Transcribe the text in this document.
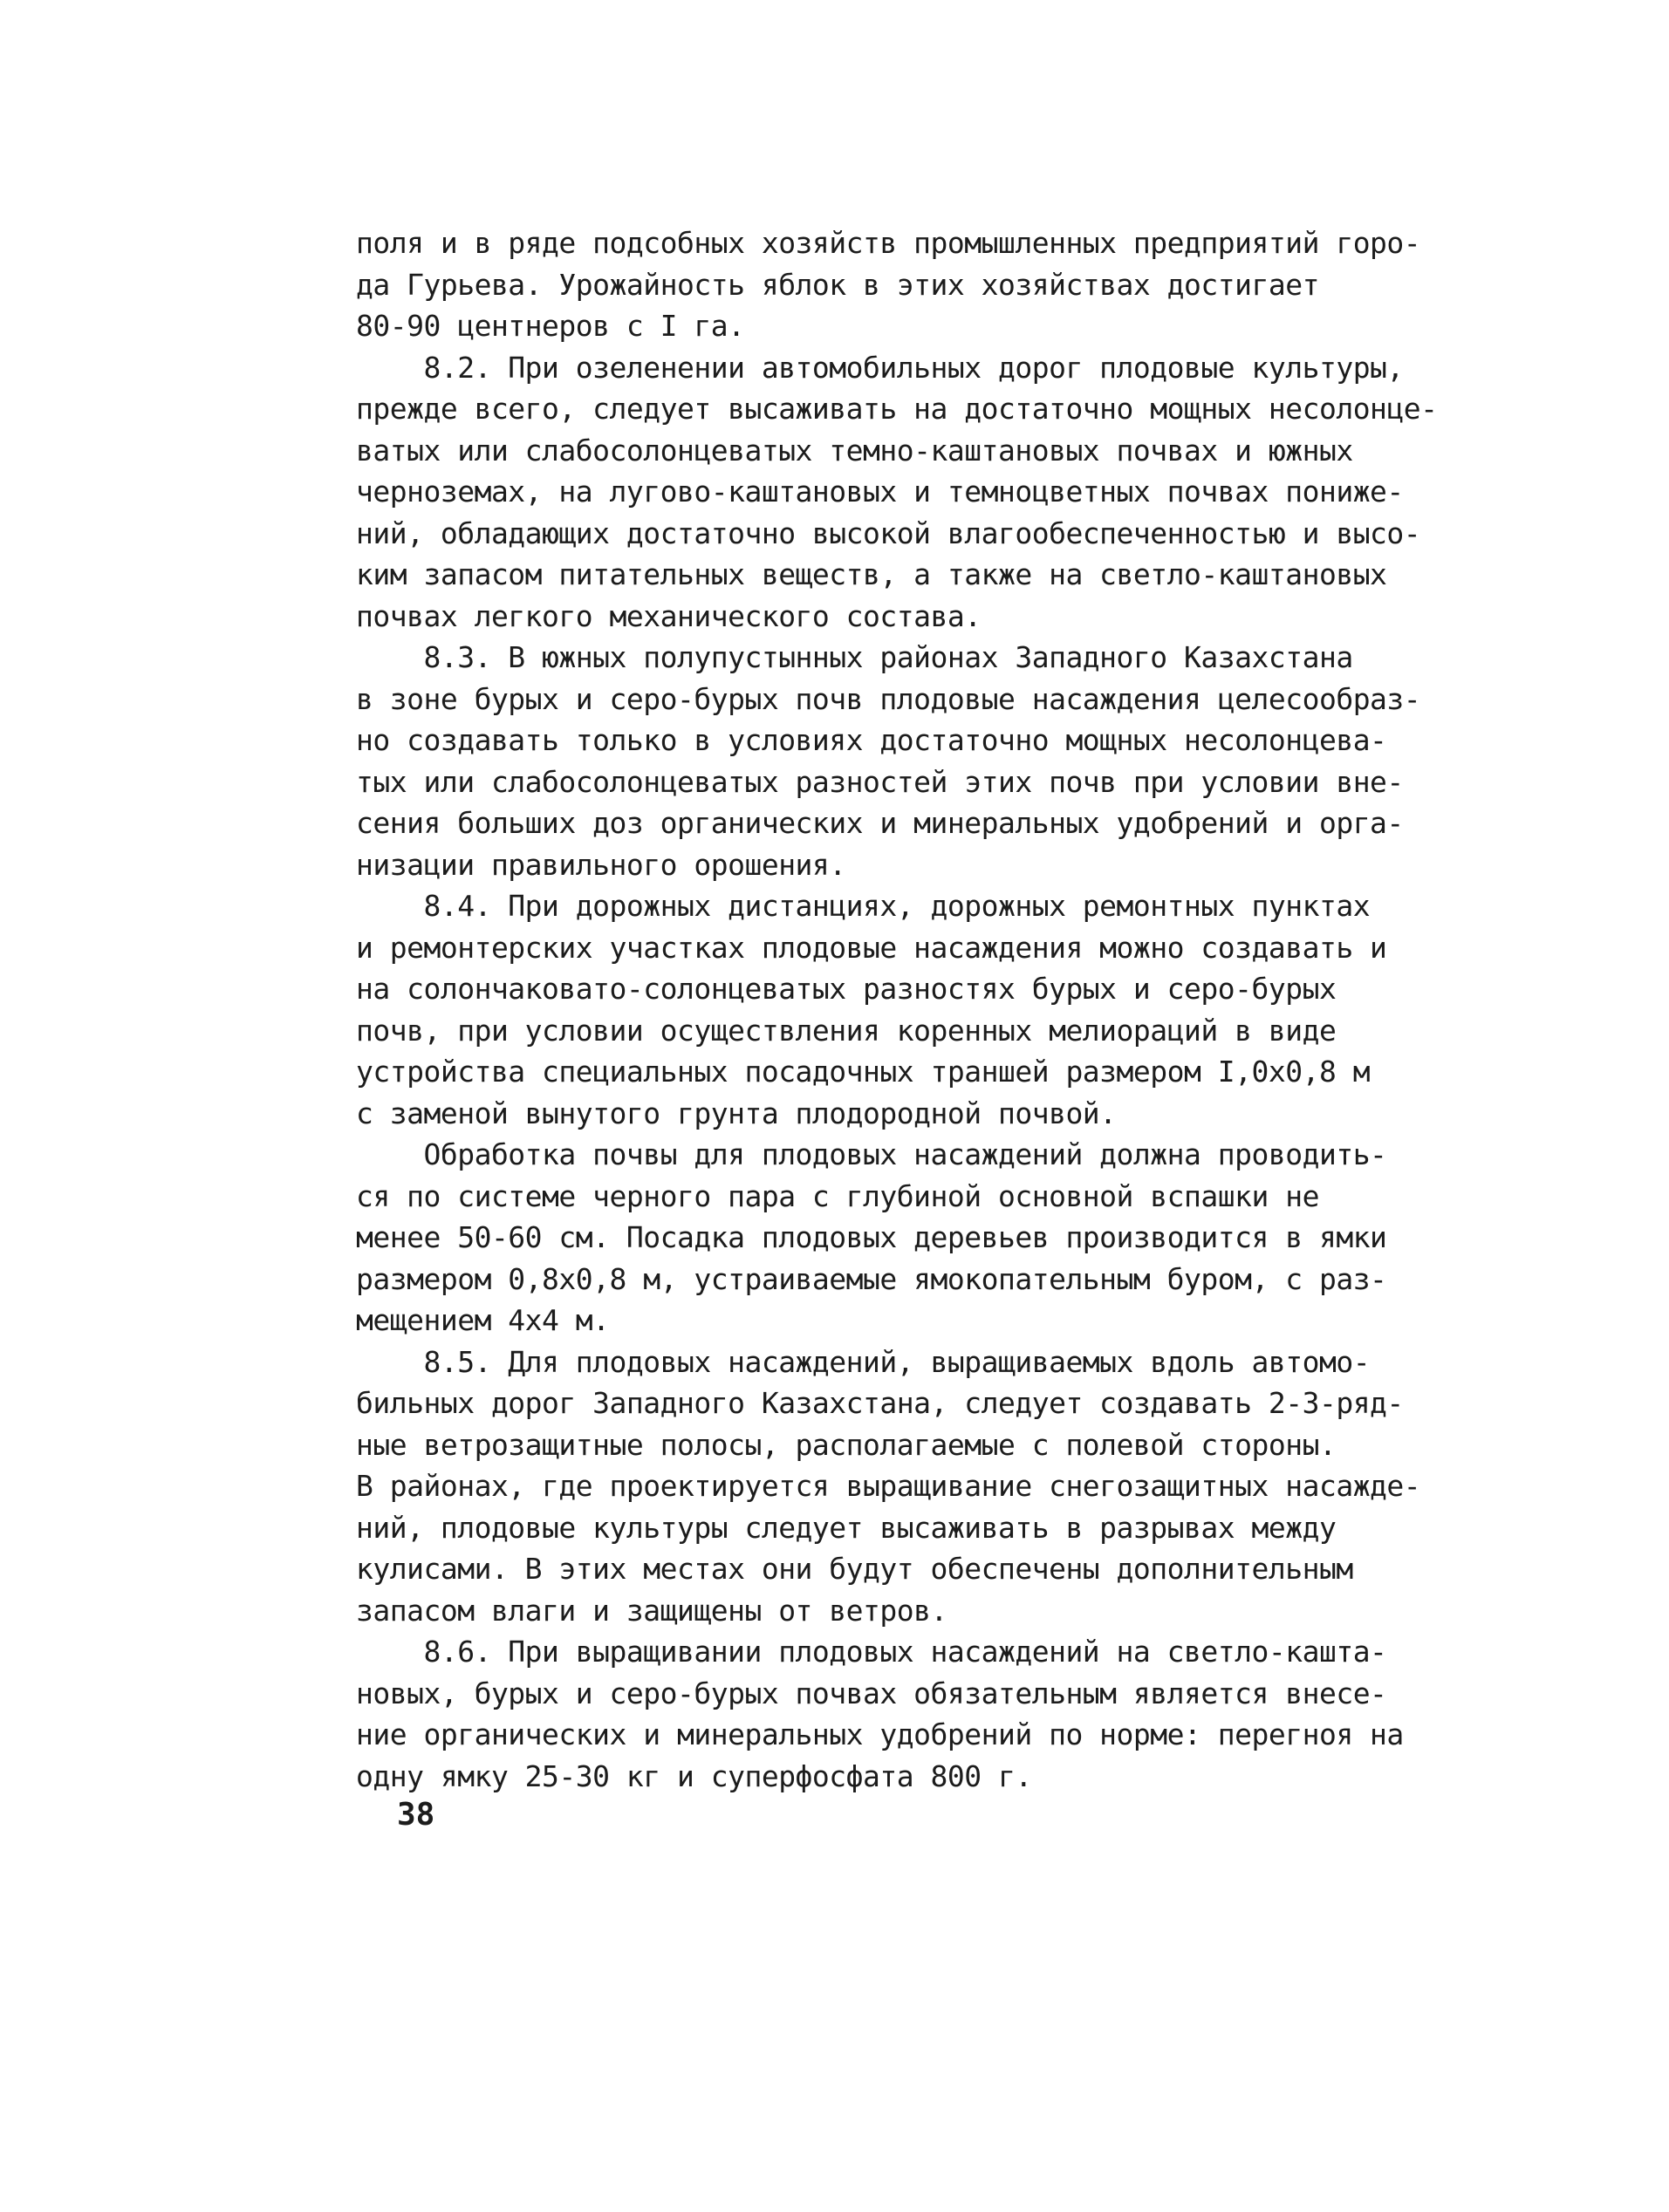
поля и в ряде подсобных хозяйств промышленных предприятий горо-
да Гурьева. Урожайность яблок в этих хозяйствах достигает
80-90 центнеров с I га.
8.2. При озеленении автомобильных дорог плодовые культуры,
прежде всего, следует высаживать на достаточно мощных несолонце-
ватых или слабосолонцеватых темно-каштановых почвах и южных
черноземах, на лугово-каштановых и темноцветных почвах пониже-
ний, обладающих достаточно высокой влагообеспеченностью и высо-
ким запасом питательных веществ, а также на светло-каштановых
почвах легкого механического состава.
8.3. В южных полупустынных районах Западного Казахстана
в зоне бурых и серо-бурых почв плодовые насаждения целесообраз-
но создавать только в условиях достаточно мощных несолонцева-
тых или слабосолонцеватых разностей этих почв при условии вне-
сения больших доз органических и минеральных удобрений и орга-
низации правильного орошения.
8.4. При дорожных дистанциях, дорожных ремонтных пунктах
и ремонтерских участках плодовые насаждения можно создавать и
на солончаковато-солонцеватых разностях бурых и серо-бурых
почв, при условии осуществления коренных мелиораций в виде
устройства специальных посадочных траншей размером I,0х0,8 м
с заменой вынутого грунта плодородной почвой.
Обработка почвы для плодовых насаждений должна проводить-
ся по системе черного пара с глубиной основной вспашки не
менее 50-60 см. Посадка плодовых деревьев производится в ямки
размером 0,8х0,8 м, устраиваемые ямокопательным буром, с раз-
мещением 4х4 м.
8.5. Для плодовых насаждений, выращиваемых вдоль автомо-
бильных дорог Западного Казахстана, следует создавать 2-3-ряд-
ные ветрозащитные полосы, располагаемые с полевой стороны.
В районах, где проектируется выращивание снегозащитных насажде-
ний, плодовые культуры следует высаживать в разрывах между
кулисами. В этих местах они будут обеспечены дополнительным
запасом влаги и защищены от ветров.
8.6. При выращивании плодовых насаждений на светло-кашта-
новых, бурых и серо-бурых почвах обязательным является внесе-
ние органических и минеральных удобрений по норме: перегноя на
одну ямку 25-30 кг и суперфосфата 800 г.
38
